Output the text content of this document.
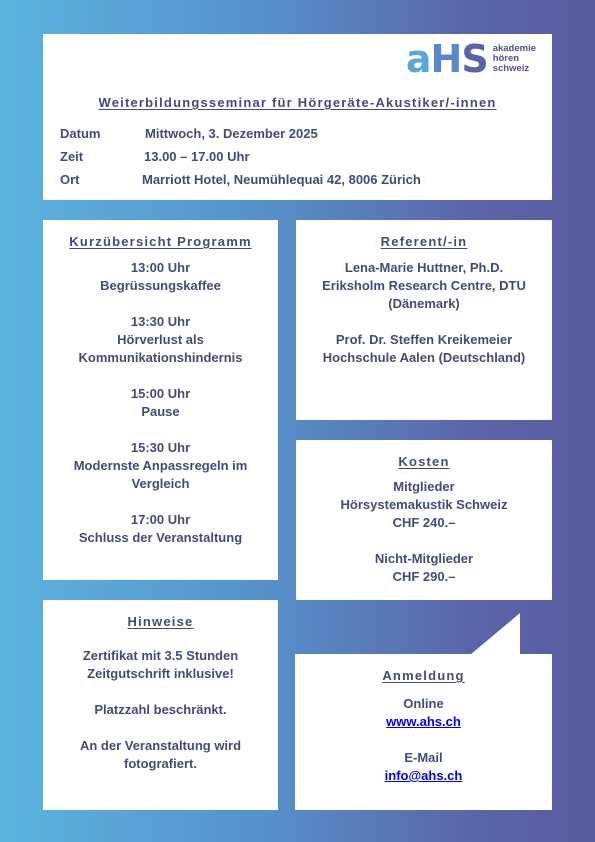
aHS akademie
hören
schweiz
Weiterbildungsseminar für Hörgeräte-Akustiker/-innen
Datum	Mittwoch, 3. Dezember 2025
Zeit	13.00 – 17.00 Uhr
Ort	Marriott Hotel, Neumühlequai 42, 8006 Zürich
Kurzübersicht Programm
13:00 Uhr
Begrüssungskaffee
13:30 Uhr
Hörverlust als
Kommunikationshindernis
15:00 Uhr
Pause
15:30 Uhr
Modernste Anpassregeln im
Vergleich
17:00 Uhr
Schluss der Veranstaltung
Referent/-in
Lena-Marie Huttner, Ph.D.
Eriksholm Research Centre, DTU
(Dänemark)
Prof. Dr. Steffen Kreikemeier
Hochschule Aalen (Deutschland)
Kosten
Mitglieder
Hörsystemakustik Schweiz
CHF 240.–
Nicht-Mitglieder
CHF 290.–
Hinweise
Zertifikat mit 3.5 Stunden
Zeitgutschrift inklusive!
Platzzahl beschränkt.
An der Veranstaltung wird
fotografiert.
Anmeldung
Online
www.ahs.ch
E-Mail
info@ahs.ch
